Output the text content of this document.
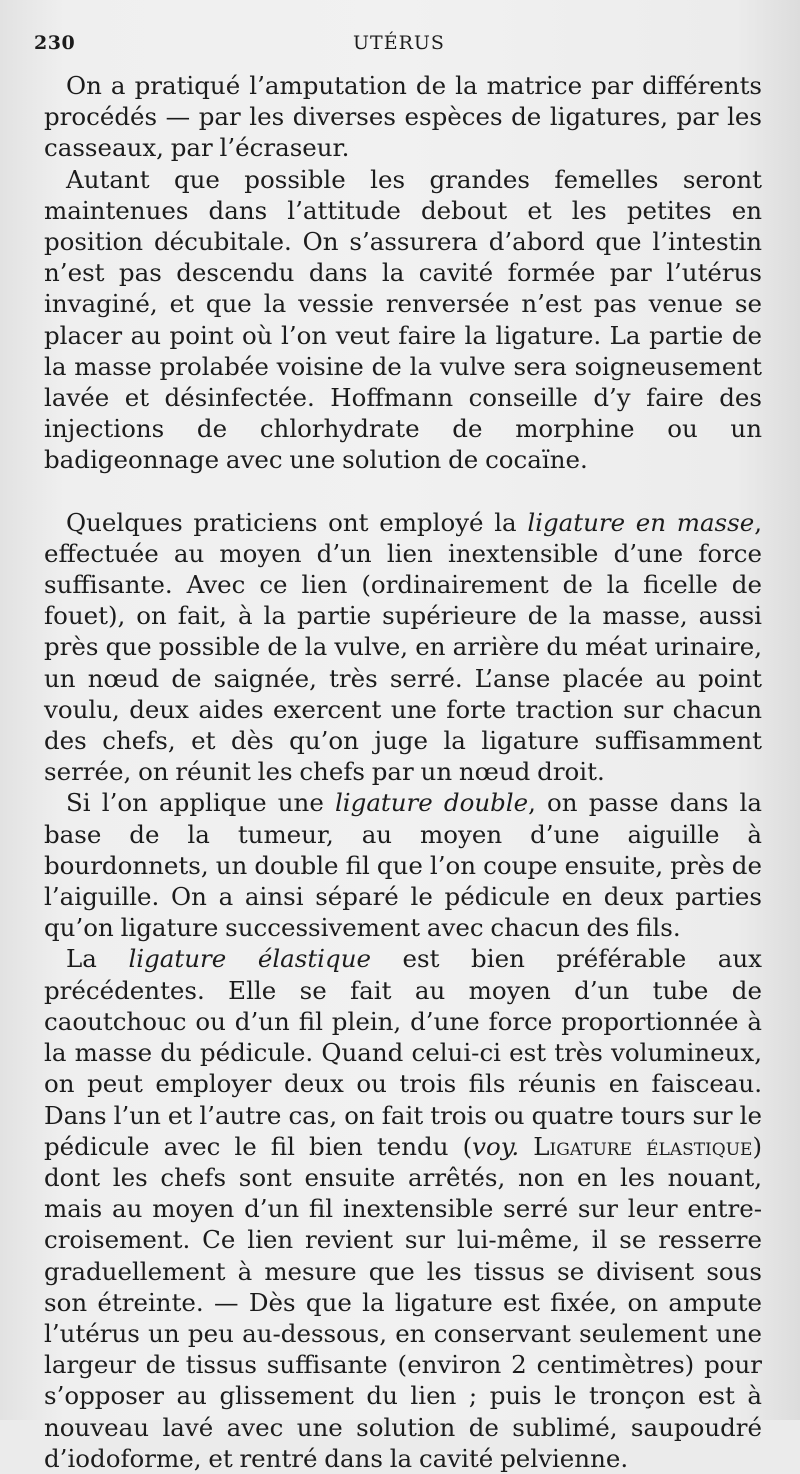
230	UTÉRUS

On a pratiqué l’amputation de la matrice par différents procédés — par les diverses espèces de ligatures, par les casseaux, par l’écraseur.

Autant que possible les grandes femelles seront maintenues dans l’attitude debout et les petites en position décubitale. On s’assurera d’abord que l’intestin n’est pas descendu dans la cavité formée par l’utérus invaginé, et que la vessie renversée n’est pas venue se placer au point où l’on veut faire la ligature. La partie de la masse prolabée voisine de la vulve sera soigneusement lavée et désinfectée. Hoffmann conseille d’y faire des injections de chlorhydrate de morphine ou un badigeonnage avec une solution de cocaïne.

Quelques praticiens ont employé la ligature en masse, effectuée au moyen d’un lien inextensible d’une force suffisante. Avec ce lien (ordinairement de la ficelle de fouet), on fait, à la partie supérieure de la masse, aussi près que possible de la vulve, en arrière du méat urinaire, un nœud de saignée, très serré. L’anse placée au point voulu, deux aides exercent une forte traction sur chacun des chefs, et dès qu’on juge la ligature suffisamment serrée, on réunit les chefs par un nœud droit.

Si l’on applique une ligature double, on passe dans la base de la tumeur, au moyen d’une aiguille à bourdonnets, un double fil que l’on coupe ensuite, près de l’aiguille. On a ainsi séparé le pédicule en deux parties qu’on ligature successivement avec chacun des fils.

La ligature élastique est bien préférable aux précédentes. Elle se fait au moyen d’un tube de caoutchouc ou d’un fil plein, d’une force proportionnée à la masse du pédicule. Quand celui-ci est très volumineux, on peut employer deux ou trois fils réunis en faisceau. Dans l’un et l’autre cas, on fait trois ou quatre tours sur le pédicule avec le fil bien tendu (voy. Ligature élastique) dont les chefs sont ensuite arrêtés, non en les nouant, mais au moyen d’un fil inextensible serré sur leur entre-croisement. Ce lien revient sur lui-même, il se resserre graduellement à mesure que les tissus se divisent sous son étreinte. — Dès que la ligature est fixée, on ampute l’utérus un peu au-dessous, en conservant seulement une largeur de tissus suffisante (environ 2 centimètres) pour s’opposer au glissement du lien ; puis le tronçon est à nouveau lavé avec une solution de sublimé, saupoudré d’iodoforme, et rentré dans la cavité pelvienne.
